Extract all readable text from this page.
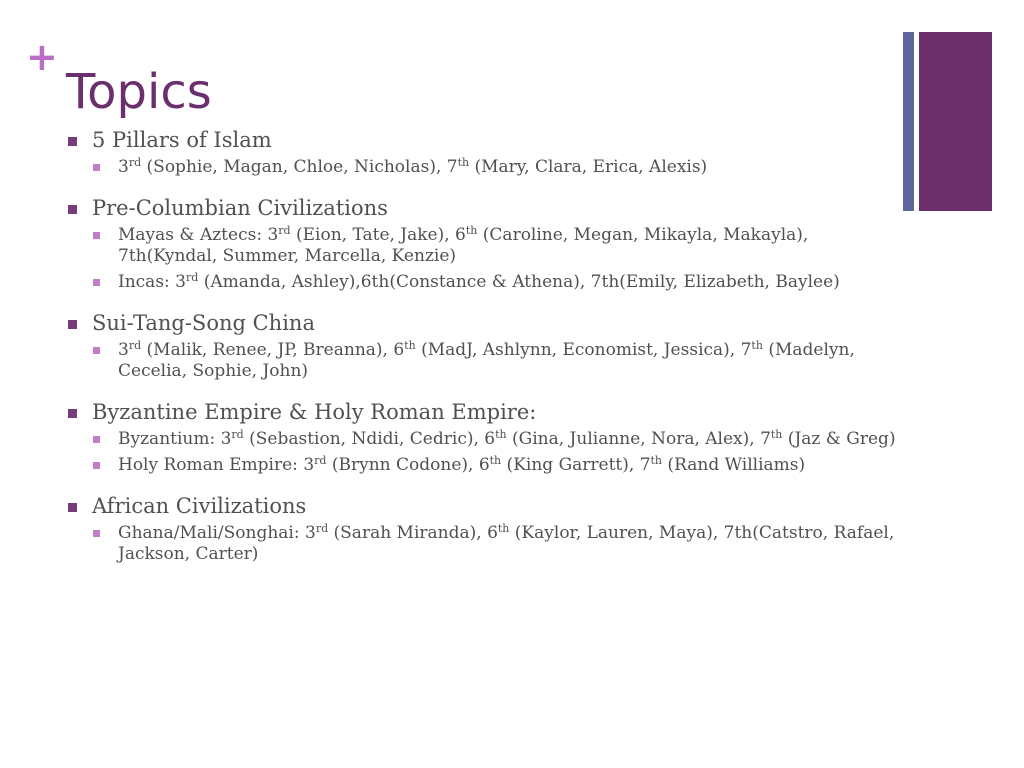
+
Topics
5 Pillars of Islam
3rd (Sophie, Magan, Chloe, Nicholas), 7th (Mary, Clara, Erica, Alexis)
Pre-Columbian Civilizations
Mayas & Aztecs: 3rd (Eion, Tate, Jake), 6th (Caroline, Megan, Mikayla, Makayla), 7th(Kyndal, Summer, Marcella, Kenzie)
Incas: 3rd (Amanda, Ashley),6th(Constance & Athena), 7th(Emily, Elizabeth, Baylee)
Sui-Tang-Song China
3rd (Malik, Renee, JP, Breanna), 6th (MadJ, Ashlynn, Economist, Jessica), 7th (Madelyn, Cecelia, Sophie, John)
Byzantine Empire & Holy Roman Empire:
Byzantium: 3rd (Sebastion, Ndidi, Cedric), 6th (Gina, Julianne, Nora, Alex), 7th (Jaz & Greg)
Holy Roman Empire: 3rd (Brynn Codone), 6th (King Garrett), 7th (Rand Williams)
African Civilizations
Ghana/Mali/Songhai: 3rd (Sarah Miranda), 6th (Kaylor, Lauren, Maya), 7th(Catstro, Rafael, Jackson, Carter)
